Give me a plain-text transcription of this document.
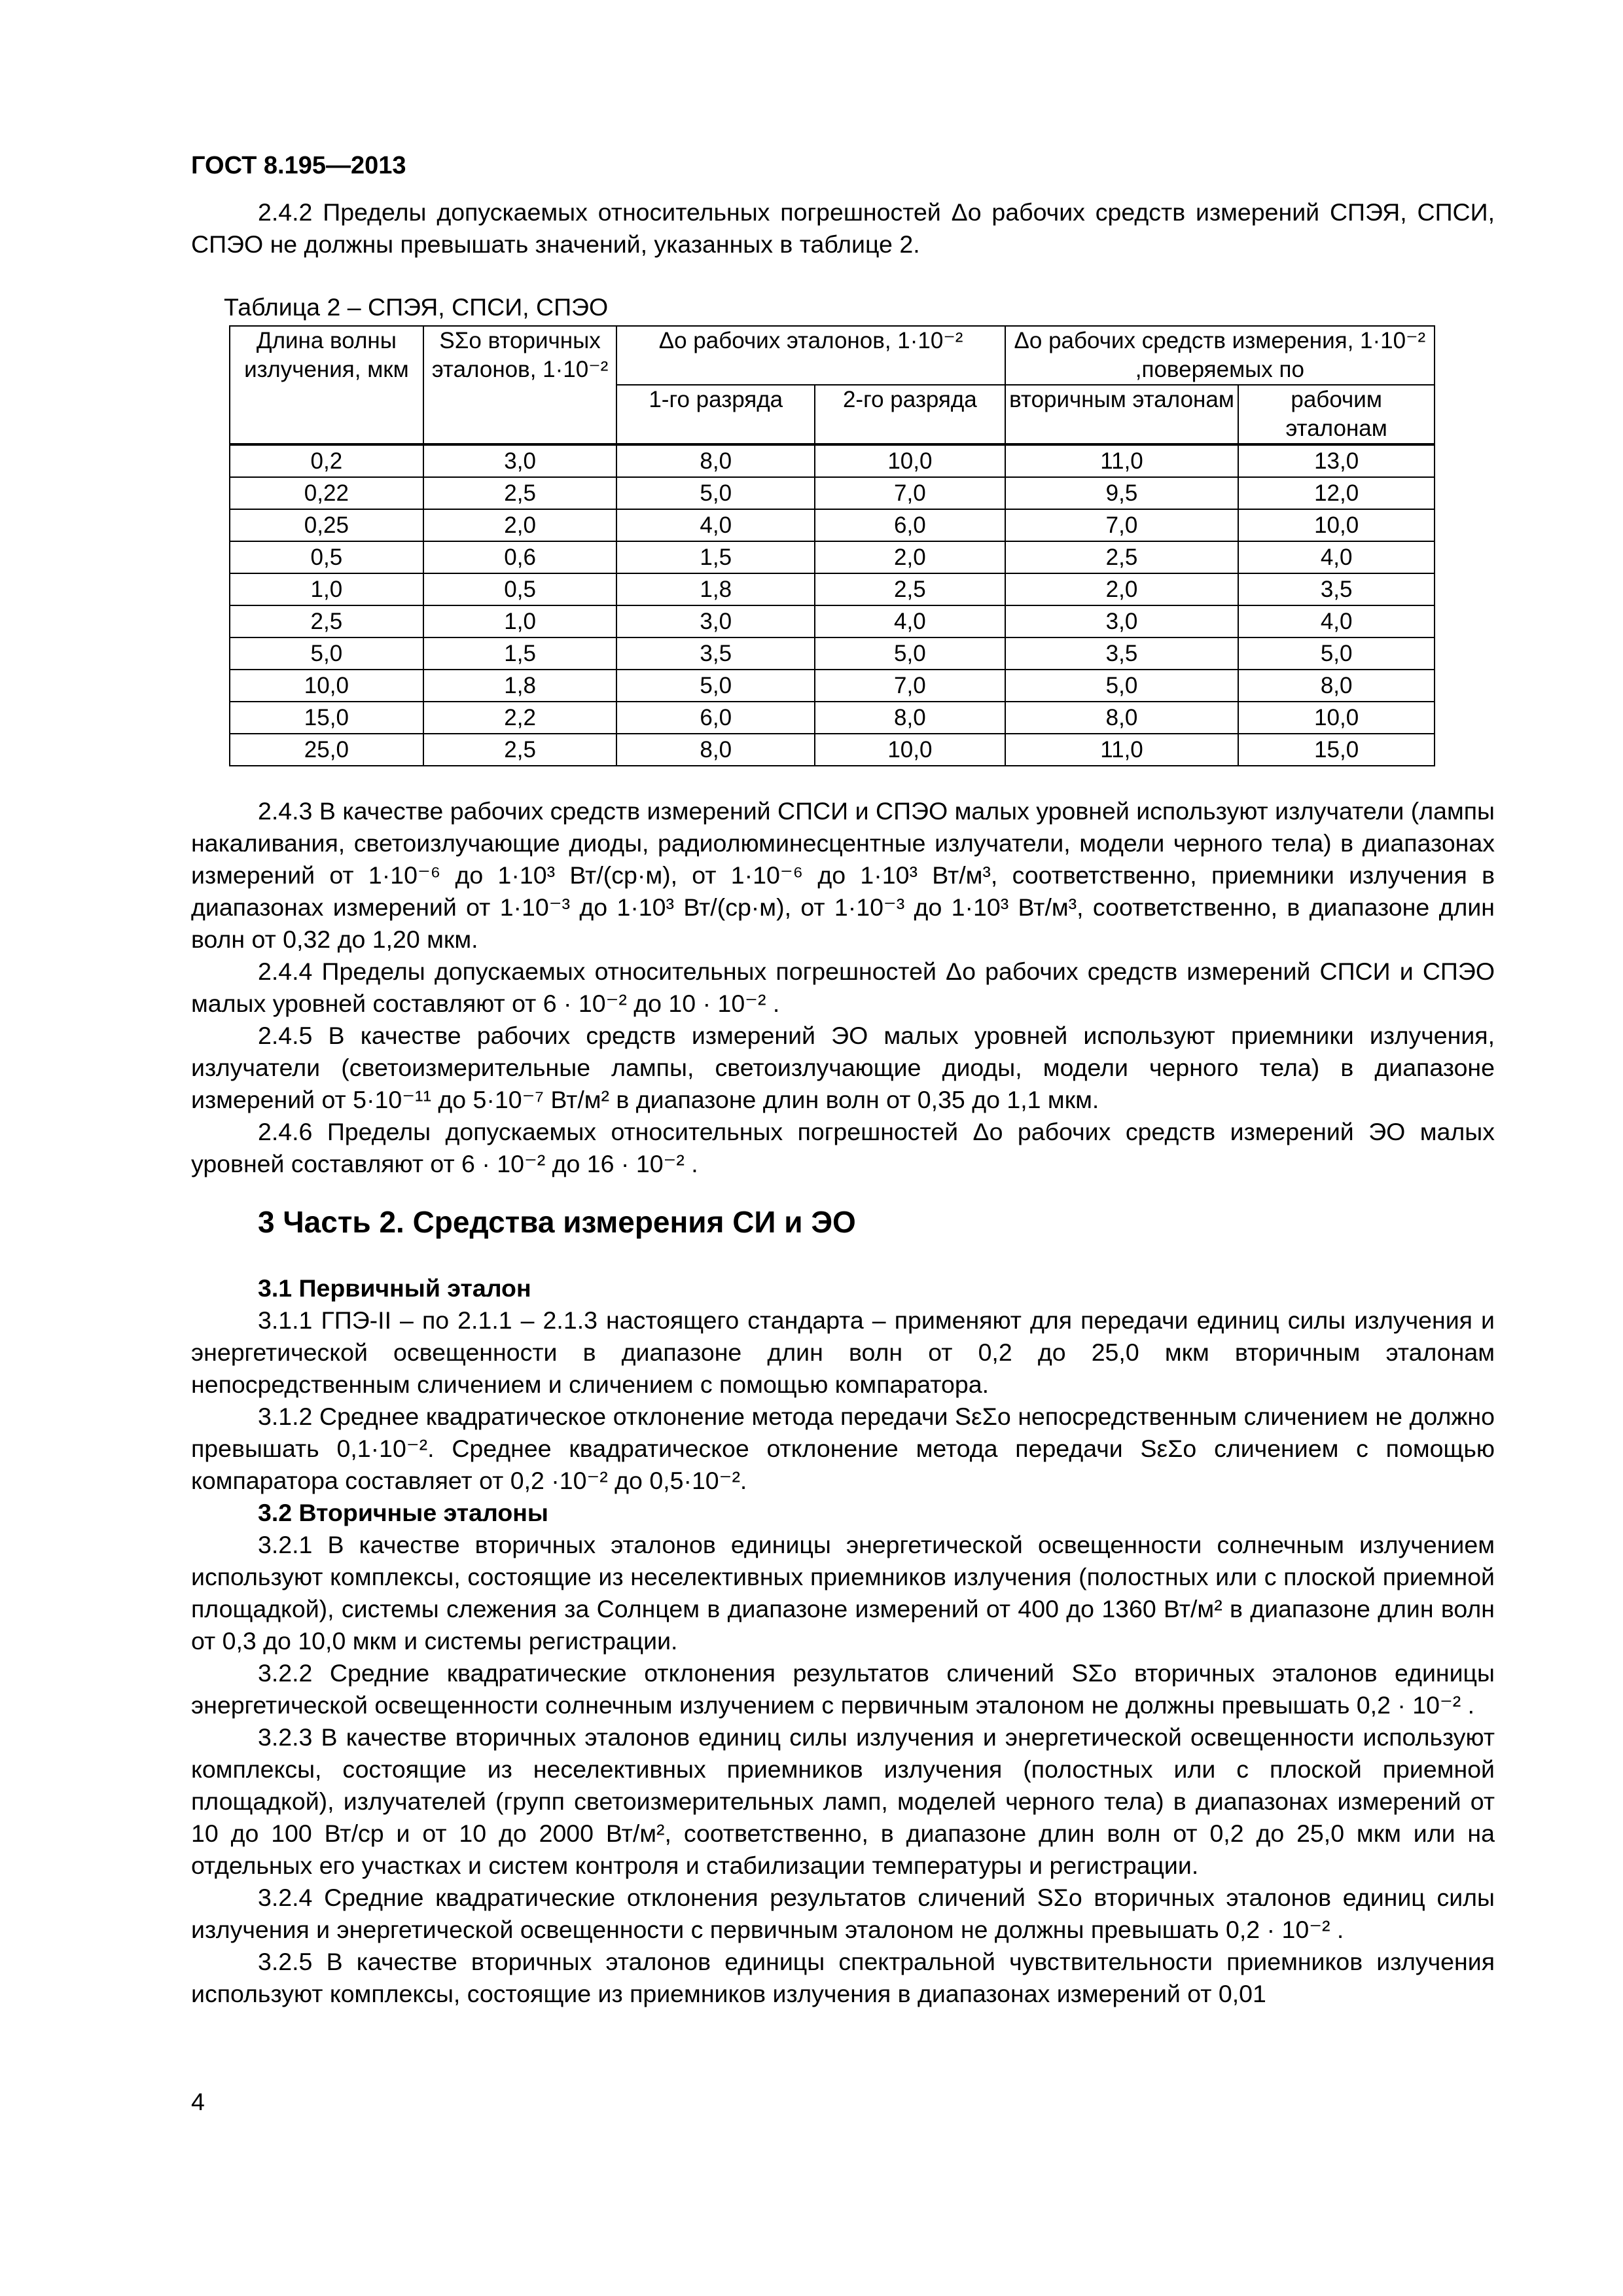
ГОСТ 8.195—2013

2.4.2 Пределы допускаемых относительных погрешностей Δo рабочих средств измерений СПЭЯ, СПСИ, СПЭО не должны превышать значений, указанных в таблице 2.

Таблица 2 – СПЭЯ, СПСИ, СПЭО
Длина волны излучения, мкм	SΣo вторичных эталонов, 1·10⁻²	Δo рабочих эталонов, 1·10⁻²		Δo рабочих средств измерения, 1·10⁻² ,поверяемых по	
		1-го разряда	2-го разряда	вторичным эталонам	рабочим эталонам
0,2	3,0	8,0	10,0	11,0	13,0
0,22	2,5	5,0	7,0	9,5	12,0
0,25	2,0	4,0	6,0	7,0	10,0
0,5	0,6	1,5	2,0	2,5	4,0
1,0	0,5	1,8	2,5	2,0	3,5
2,5	1,0	3,0	4,0	3,0	4,0
5,0	1,5	3,5	5,0	3,5	5,0
10,0	1,8	5,0	7,0	5,0	8,0
15,0	2,2	6,0	8,0	8,0	10,0
25,0	2,5	8,0	10,0	11,0	15,0

2.4.3 В качестве рабочих средств измерений СПСИ и СПЭО малых уровней используют излучатели (лампы накаливания, светоизлучающие диоды, радиолюминесцентные излучатели, модели черного тела) в диапазонах измерений от 1·10⁻⁶ до 1·10³ Вт/(ср·м), от 1·10⁻⁶ до 1·10³ Вт/м³, соответственно, приемники излучения в диапазонах измерений от 1·10⁻³ до 1·10³ Вт/(ср·м), от 1·10⁻³ до 1·10³ Вт/м³, соответственно, в диапазоне длин волн от 0,32 до 1,20 мкм.

2.4.4 Пределы допускаемых относительных погрешностей Δo рабочих средств измерений СПСИ и СПЭО малых уровней составляют от 6 · 10⁻² до 10 · 10⁻² .

2.4.5 В качестве рабочих средств измерений ЭО малых уровней используют приемники излучения, излучатели (светоизмерительные лампы, светоизлучающие диоды, модели черного тела) в диапазоне измерений от 5·10⁻¹¹ до 5·10⁻⁷ Вт/м² в диапазоне длин волн от 0,35 до 1,1 мкм.

2.4.6 Пределы допускаемых относительных погрешностей Δo рабочих средств измерений ЭО малых уровней составляют от 6 · 10⁻² до 16 · 10⁻² .

3 Часть 2. Средства измерения СИ и ЭО

3.1 Первичный эталон

3.1.1 ГПЭ-II – по 2.1.1 – 2.1.3 настоящего стандарта – применяют для передачи единиц силы излучения и энергетической освещенности в диапазоне длин волн от 0,2 до 25,0 мкм вторичным эталонам непосредственным сличением и сличением с помощью компаратора.

3.1.2 Среднее квадратическое отклонение метода передачи SεΣo непосредственным сличением не должно превышать 0,1·10⁻². Среднее квадратическое отклонение метода передачи SεΣo сличением с помощью компаратора составляет от 0,2 ·10⁻² до 0,5·10⁻².

3.2 Вторичные эталоны

3.2.1 В качестве вторичных эталонов единицы энергетической освещенности солнечным излучением используют комплексы, состоящие из неселективных приемников излучения (полостных или с плоской приемной площадкой), системы слежения за Солнцем в диапазоне измерений от 400 до 1360 Вт/м² в диапазоне длин волн от 0,3 до 10,0 мкм и системы регистрации.

3.2.2 Средние квадратические отклонения результатов сличений SΣo вторичных эталонов единицы энергетической освещенности солнечным излучением с первичным эталоном не должны превышать 0,2 · 10⁻² .

3.2.3 В качестве вторичных эталонов единиц силы излучения и энергетической освещенности используют комплексы, состоящие из неселективных приемников излучения (полостных или с плоской приемной площадкой), излучателей (групп светоизмерительных ламп, моделей черного тела) в диапазонах измерений от 10 до 100 Вт/ср и от 10 до 2000 Вт/м², соответственно, в диапазоне длин волн от 0,2 до 25,0 мкм или на отдельных его участках и систем контроля и стабилизации температуры и регистрации.

3.2.4 Средние квадратические отклонения результатов сличений SΣo вторичных эталонов единиц силы излучения и энергетической освещенности с первичным эталоном не должны превышать 0,2 · 10⁻² .

3.2.5 В качестве вторичных эталонов единицы спектральной чувствительности приемников излучения используют комплексы, состоящие из приемников излучения в диапазонах измерений от 0,01

4
